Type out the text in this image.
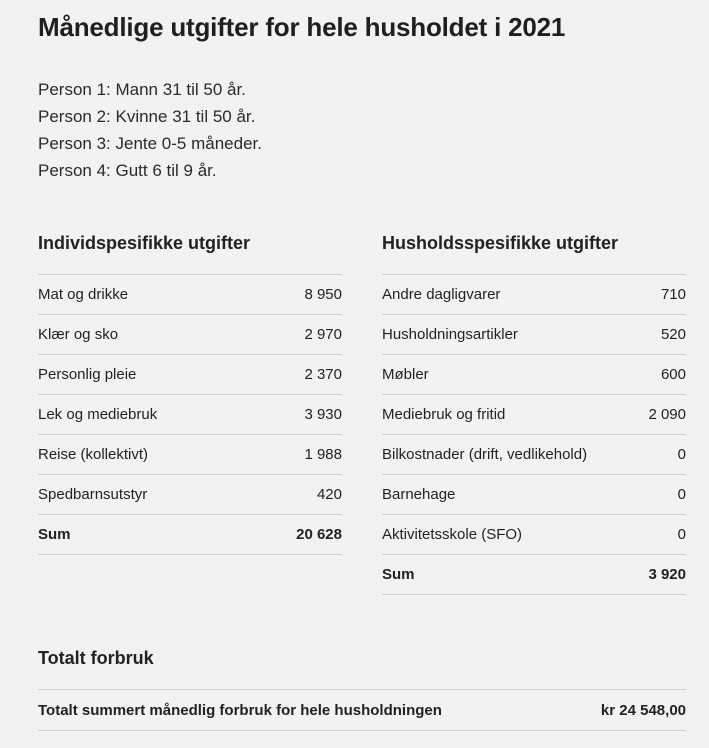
Månedlige utgifter for hele husholdet i 2021
Person 1: Mann 31 til 50 år.
Person 2: Kvinne 31 til 50 år.
Person 3: Jente 0-5 måneder.
Person 4: Gutt 6 til 9 år.
Individspesifikke utgifter
Mat og drikke	8 950
Klær og sko	2 970
Personlig pleie	2 370
Lek og mediebruk	3 930
Reise (kollektivt)	1 988
Spedbarnsutstyr	420
Sum	20 628
Husholdsspesifikke utgifter
Andre dagligvarer	710
Husholdningsartikler	520
Møbler	600
Mediebruk og fritid	2 090
Bilkostnader (drift, vedlikehold)	0
Barnehage	0
Aktivitetsskole (SFO)	0
Sum	3 920
Totalt forbruk
Totalt summert månedlig forbruk for hele husholdningen	kr 24 548,00
